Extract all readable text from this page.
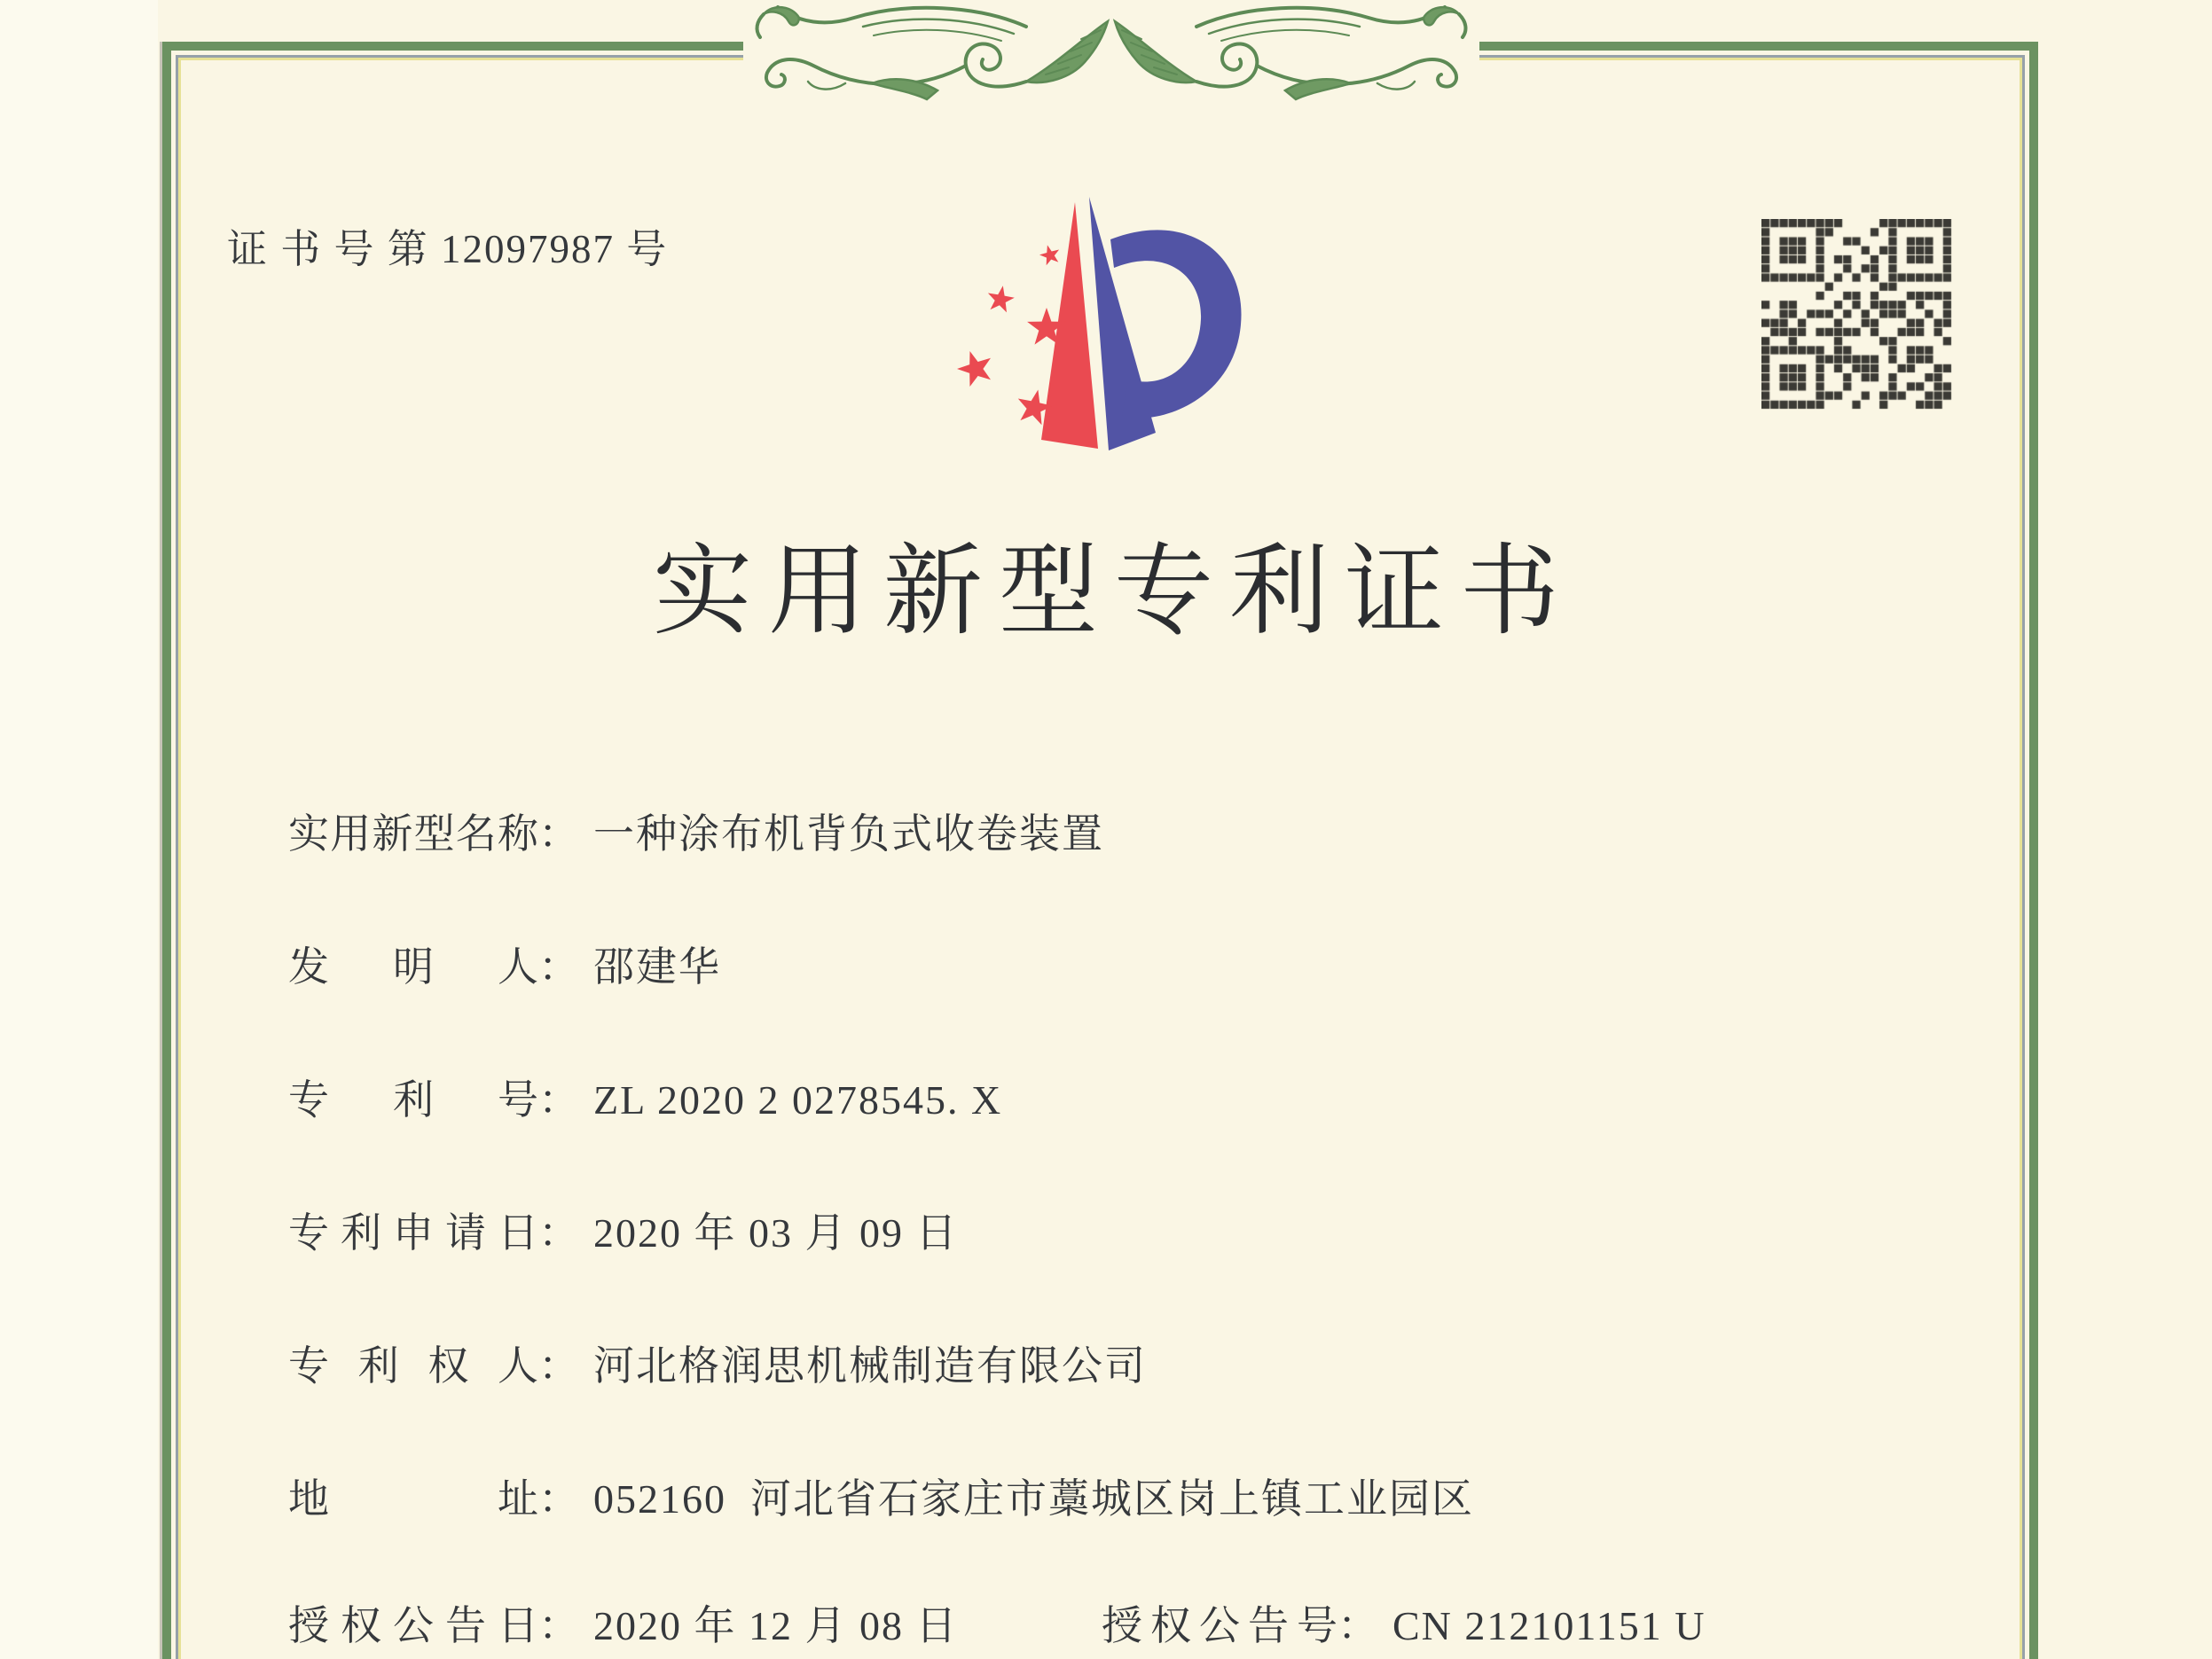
证 书 号 第 12097987 号
实用新型专利证书
实用新型名称 ： 一种涂布机背负式收卷装置
发明人 ： 邵建华
专利号 ： ZL 2020 2 0278545. X
专利申请日 ： 2020 年 03 月 09 日
专利权人 ： 河北格润思机械制造有限公司
地址 ： 052160  河北省石家庄市藁城区岗上镇工业园区
授权公告日 ： 2020 年 12 月 08 日	授权公告号 ： CN 212101151 U
